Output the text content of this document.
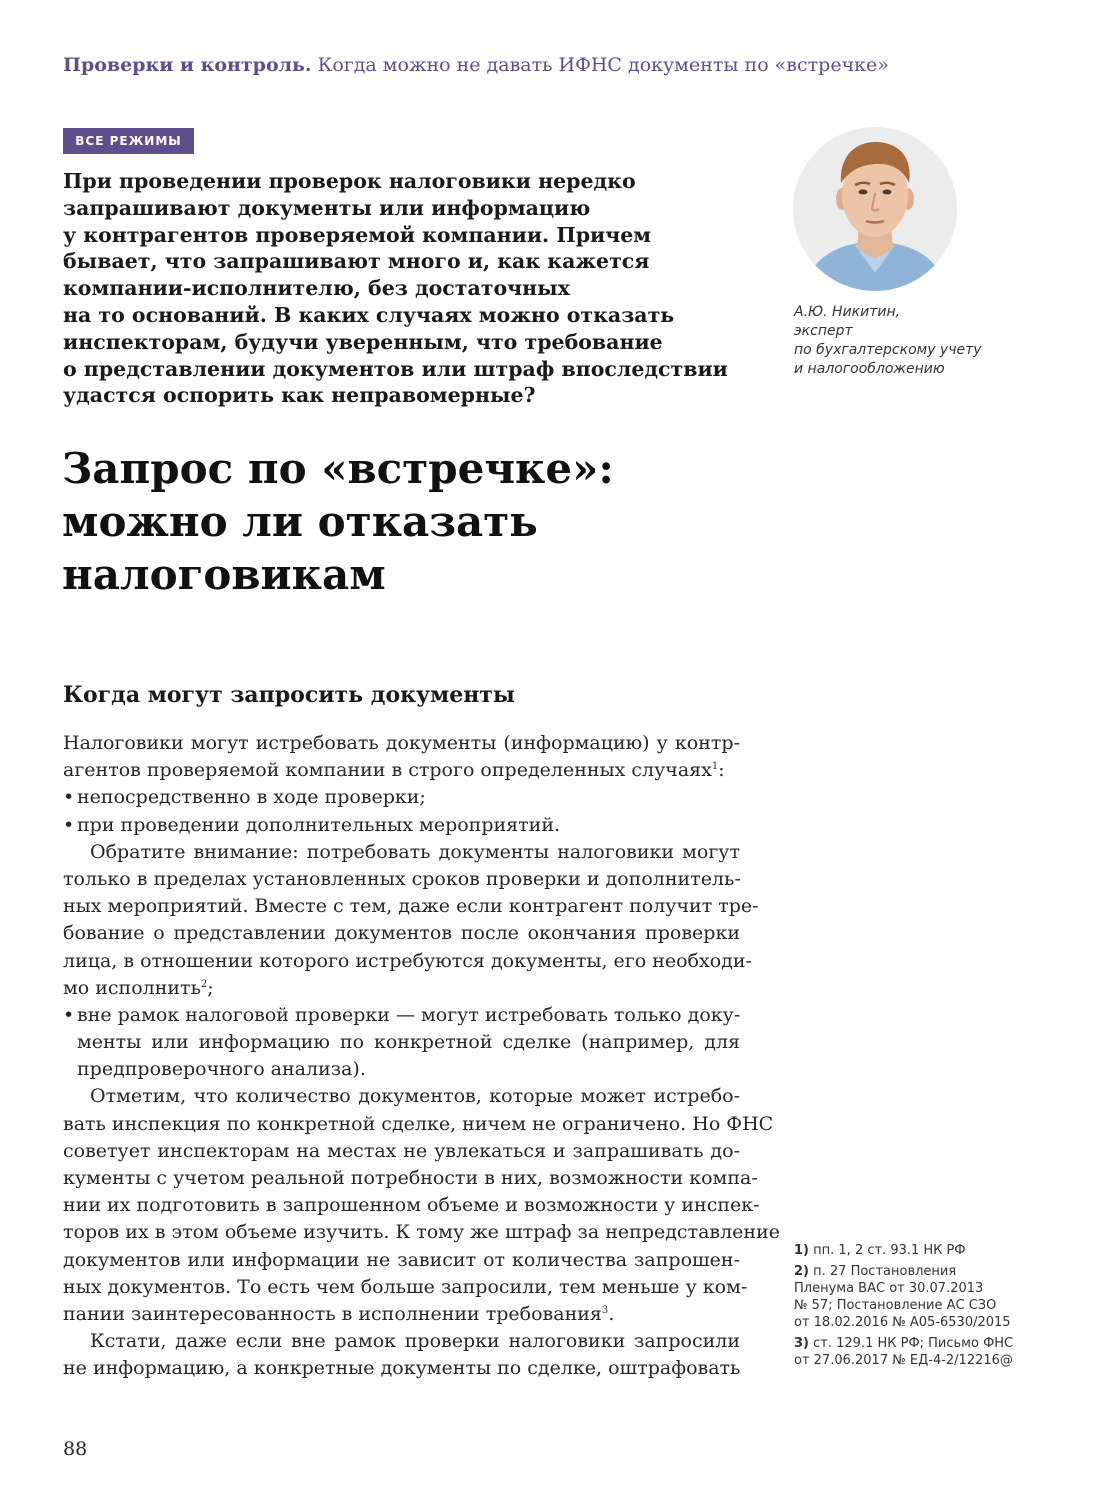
Проверки и контроль. Когда можно не давать ИФНС документы по «встречке»
ВСЕ РЕЖИМЫ
При проведении проверок налоговики нередко
запрашивают документы или информацию
у контрагентов проверяемой компании. Причем
бывает, что запрашивают много и, как кажется
компании-исполнителю, без достаточных
на то оснований. В каких случаях можно отказать
инспекторам, будучи уверенным, что требование
о представлении документов или штраф впоследствии
удастся оспорить как неправомерные?
А.Ю. Никитин,
эксперт
по бухгалтерскому учету
и налогообложению
Запрос по «встречке»:
можно ли отказать
налоговикам
Когда могут запросить документы
Налоговики могут истребовать документы (информацию) у контр-
агентов проверяемой компании в строго определенных случаях$^1$:
• непосредственно в ходе проверки;
• при проведении дополнительных мероприятий.
Обратите внимание: потребовать документы налоговики могут
только в пределах установленных сроков проверки и дополнитель-
ных мероприятий. Вместе с тем, даже если контрагент получит тре-
бование о представлении документов после окончания проверки
лица, в отношении которого истребуются документы, его необходи-
мо исполнить$^2$;
• вне рамок налоговой проверки — могут истребовать только доку-
менты или информацию по конкретной сделке (например, для
предпроверочного анализа).
Отметим, что количество документов, которые может истребо-
вать инспекция по конкретной сделке, ничем не ограничено. Но ФНС
советует инспекторам на местах не увлекаться и запрашивать до-
кументы с учетом реальной потребности в них, возможности компа-
нии их подготовить в запрошенном объеме и возможности у инспек-
торов их в этом объеме изучить. К тому же штраф за непредставление
документов или информации не зависит от количества запрошен-
ных документов. То есть чем больше запросили, тем меньше у ком-
пании заинтересованность в исполнении требования$^3$.
Кстати, даже если вне рамок проверки налоговики запросили
не информацию, а конкретные документы по сделке, оштрафовать
1) пп. 1, 2 ст. 93.1 НК РФ
2) п. 27 Постановления
Пленума ВАС от 30.07.2013
№ 57; Постановление АС СЗО
от 18.02.2016 № А05-6530/2015
3) ст. 129.1 НК РФ; Письмо ФНС
от 27.06.2017 № ЕД-4-2/12216@
88
